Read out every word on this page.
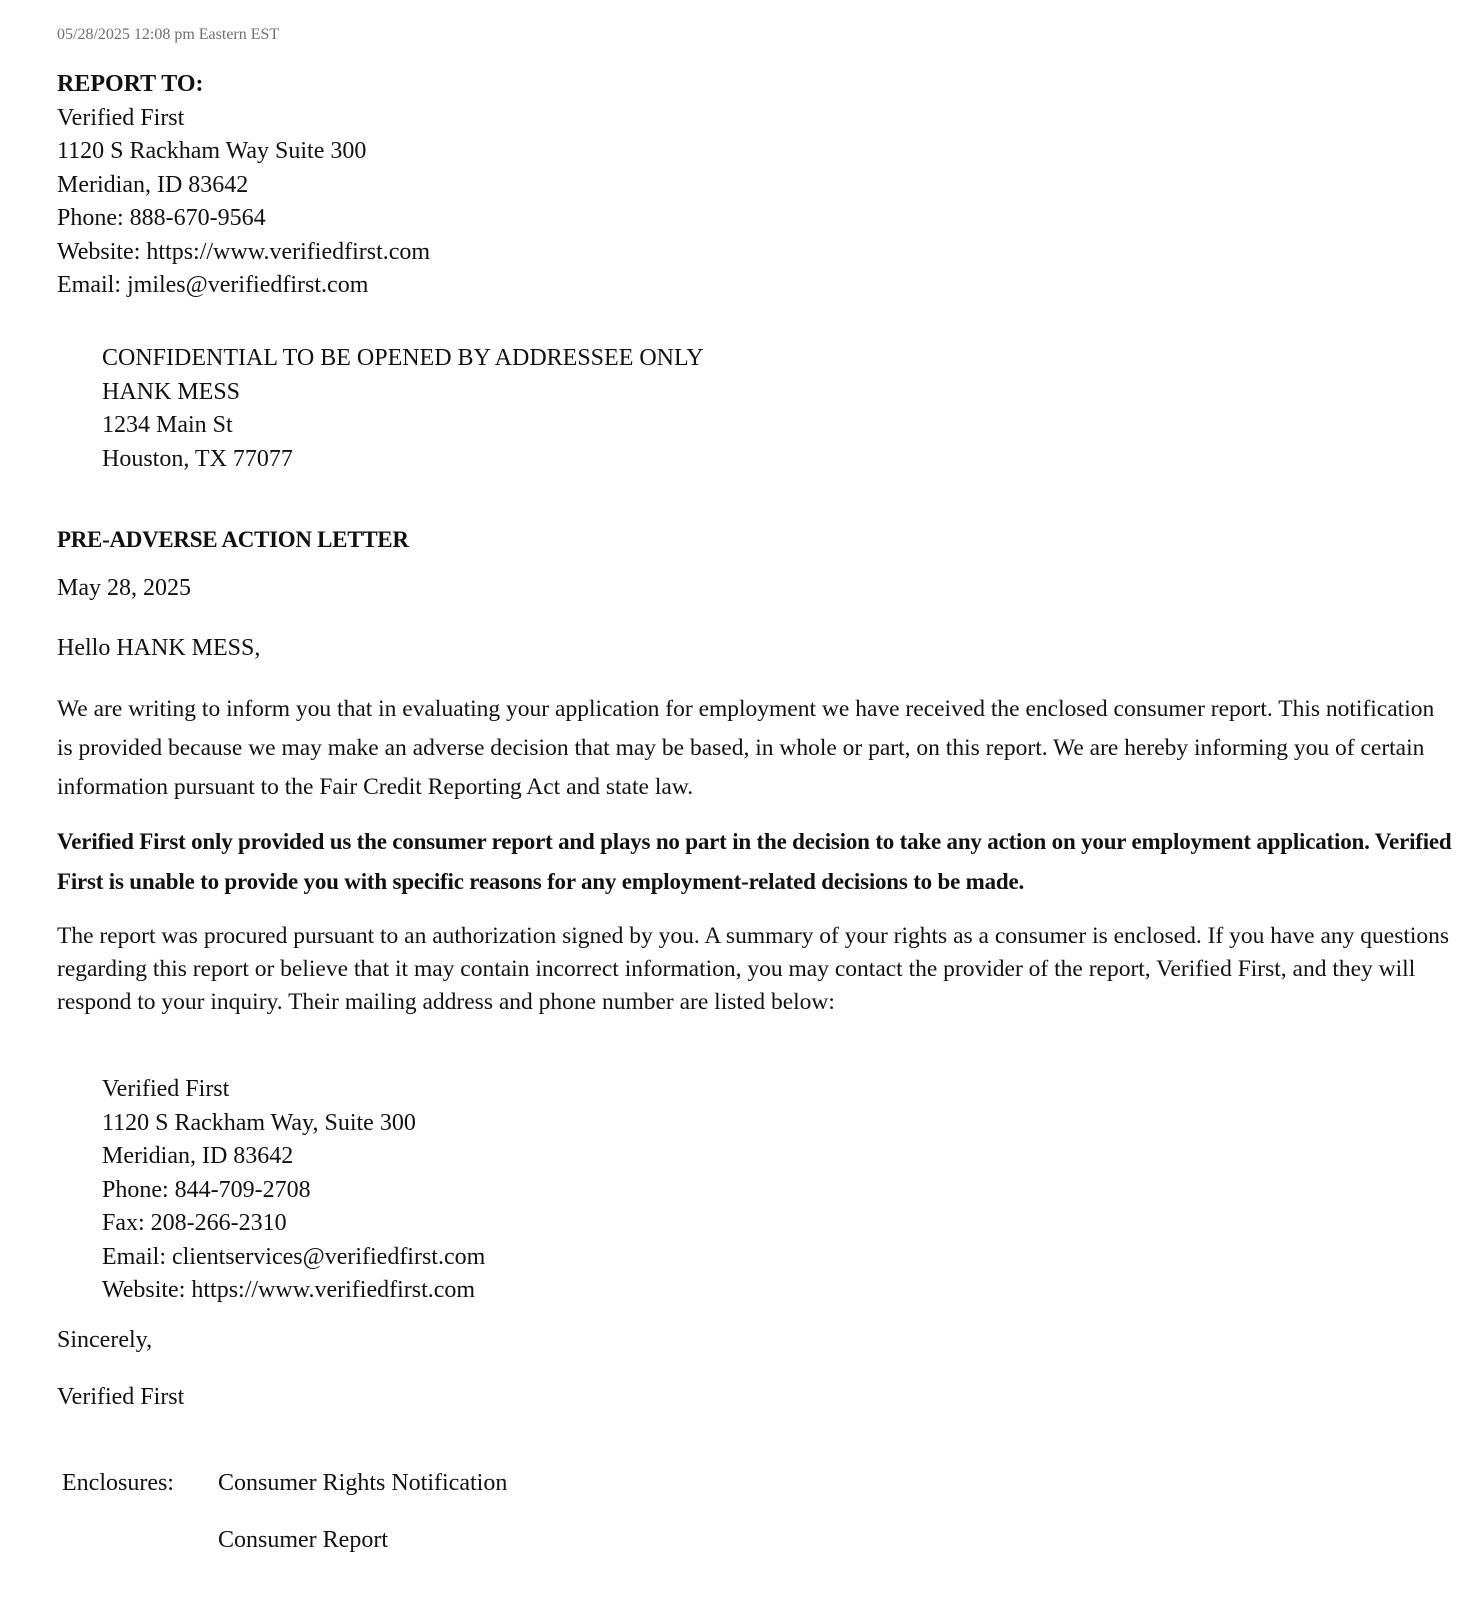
05/28/2025 12:08 pm Eastern EST
REPORT TO:
Verified First
1120 S Rackham Way Suite 300
Meridian, ID 83642
Phone: 888-670-9564
Website: https://www.verifiedfirst.com
Email: jmiles@verifiedfirst.com
CONFIDENTIAL TO BE OPENED BY ADDRESSEE ONLY
HANK MESS
1234 Main St
Houston, TX 77077
PRE-ADVERSE ACTION LETTER
May 28, 2025
Hello HANK MESS,
We are writing to inform you that in evaluating your application for employment we have received the enclosed consumer report. This notification is provided because we may make an adverse decision that may be based, in whole or part, on this report. We are hereby informing you of certain information pursuant to the Fair Credit Reporting Act and state law.
Verified First only provided us the consumer report and plays no part in the decision to take any action on your employment application. Verified First is unable to provide you with specific reasons for any employment-related decisions to be made.
The report was procured pursuant to an authorization signed by you. A summary of your rights as a consumer is enclosed. If you have any questions regarding this report or believe that it may contain incorrect information, you may contact the provider of the report, Verified First, and they will respond to your inquiry. Their mailing address and phone number are listed below:
Verified First
1120 S Rackham Way, Suite 300
Meridian, ID 83642
Phone: 844-709-2708
Fax: 208-266-2310
Email: clientservices@verifiedfirst.com
Website: https://www.verifiedfirst.com
Sincerely,
Verified First
Enclosures: Consumer Rights Notification
Consumer Report
